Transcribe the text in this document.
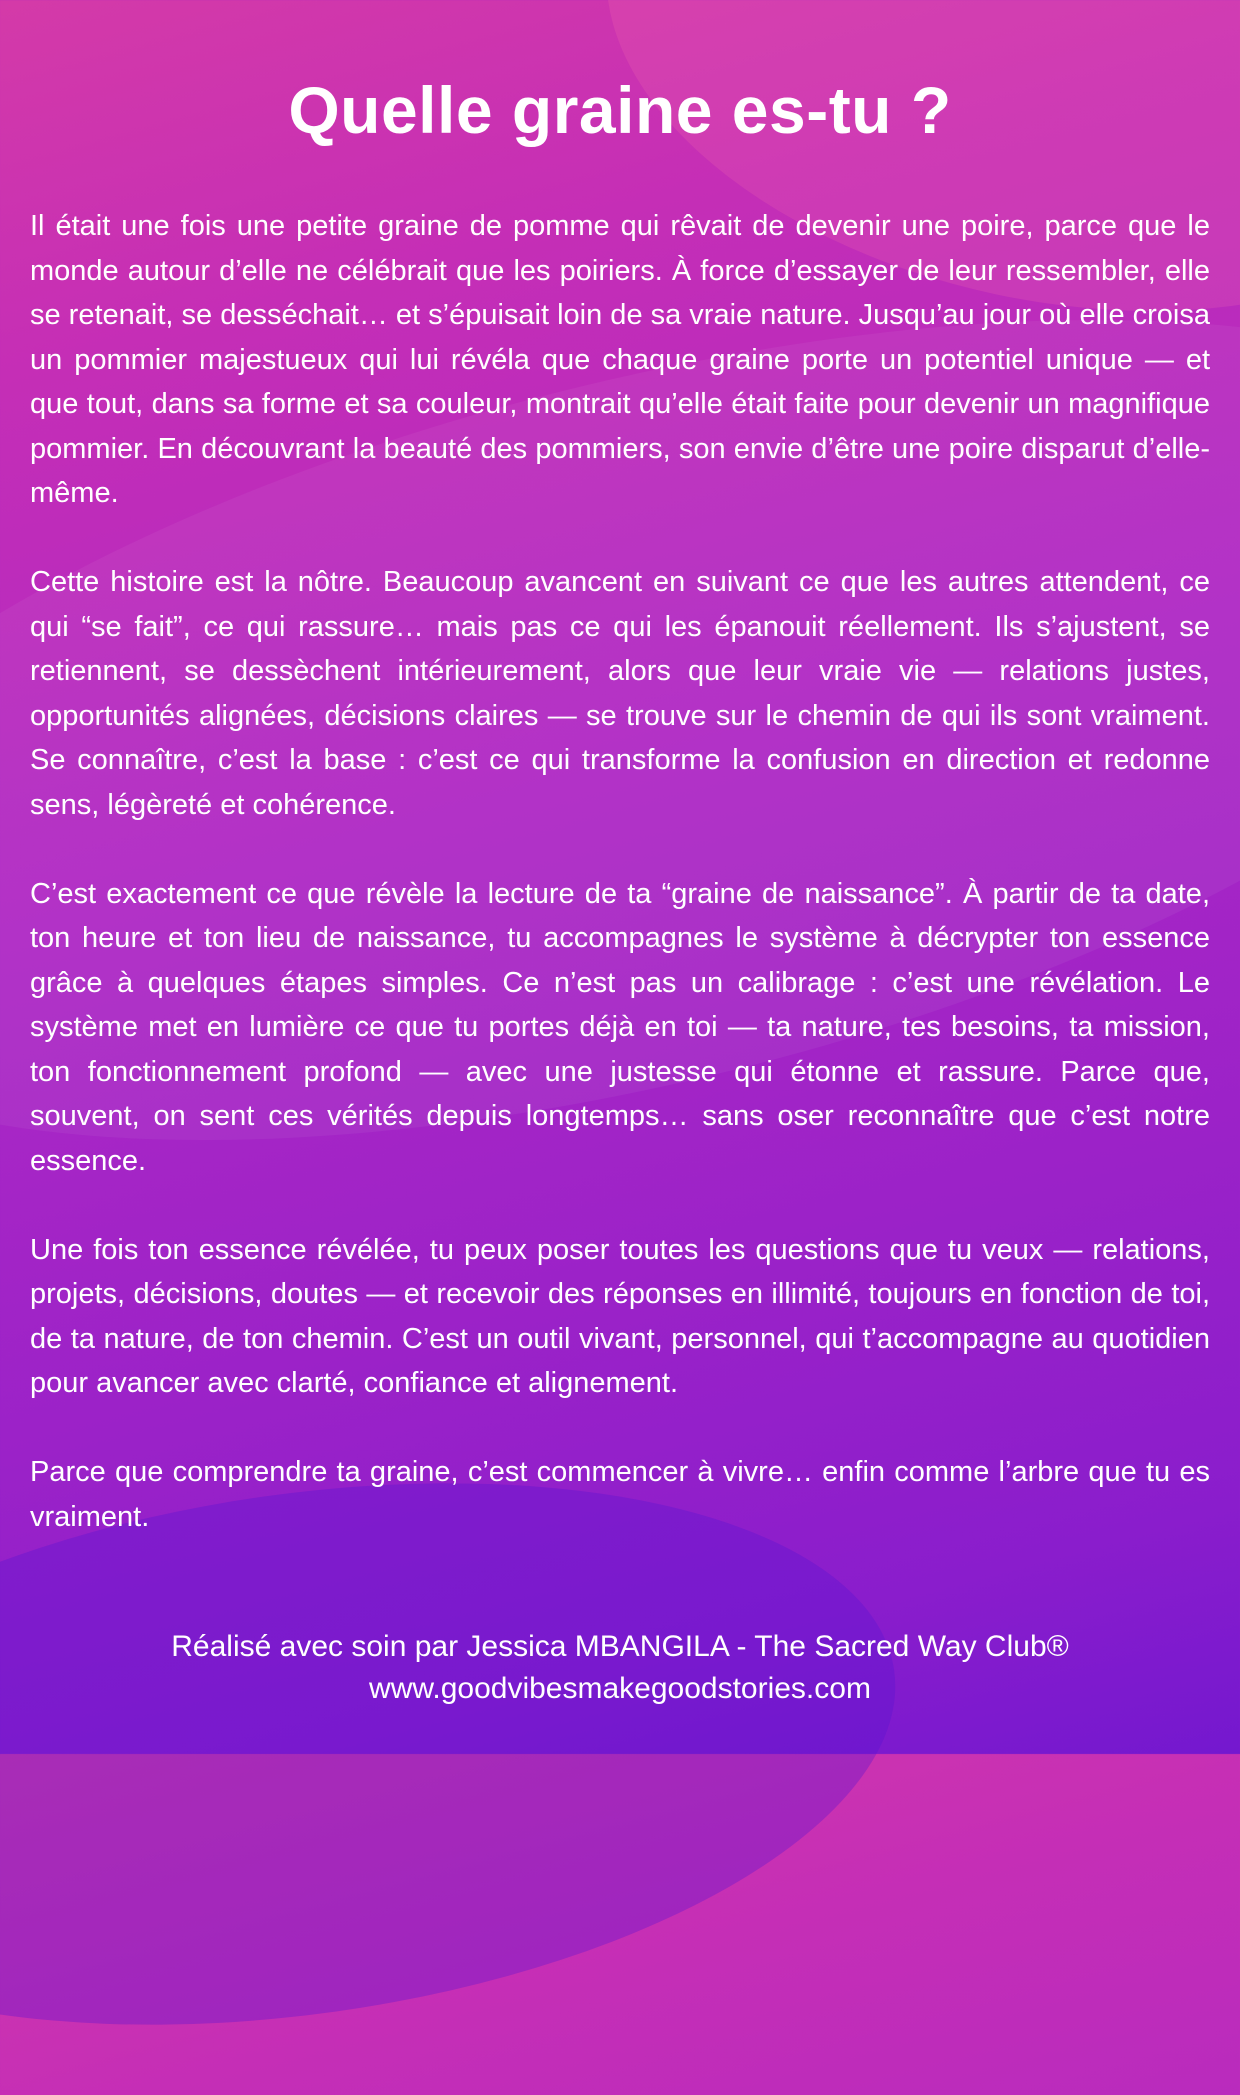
Quelle graine es-tu ?

Il était une fois une petite graine de pomme qui rêvait de devenir une poire, parce que le monde autour d’elle ne célébrait que les poiriers. À force d’essayer de leur ressembler, elle se retenait, se desséchait… et s’épuisait loin de sa vraie nature. Jusqu’au jour où elle croisa un pommier majestueux qui lui révéla que chaque graine porte un potentiel unique — et que tout, dans sa forme et sa couleur, montrait qu’elle était faite pour devenir un magnifique pommier. En découvrant la beauté des pommiers, son envie d’être une poire disparut d’elle-même.

Cette histoire est la nôtre. Beaucoup avancent en suivant ce que les autres attendent, ce qui “se fait”, ce qui rassure… mais pas ce qui les épanouit réellement. Ils s’ajustent, se retiennent, se dessèchent intérieurement, alors que leur vraie vie — relations justes, opportunités alignées, décisions claires — se trouve sur le chemin de qui ils sont vraiment. Se connaître, c’est la base : c’est ce qui transforme la confusion en direction et redonne sens, légèreté et cohérence.

C’est exactement ce que révèle la lecture de ta “graine de naissance”. À partir de ta date, ton heure et ton lieu de naissance, tu accompagnes le système à décrypter ton essence grâce à quelques étapes simples. Ce n’est pas un calibrage : c’est une révélation. Le système met en lumière ce que tu portes déjà en toi — ta nature, tes besoins, ta mission, ton fonctionnement profond — avec une justesse qui étonne et rassure. Parce que, souvent, on sent ces vérités depuis longtemps… sans oser reconnaître que c’est notre essence.

Une fois ton essence révélée, tu peux poser toutes les questions que tu veux — relations, projets, décisions, doutes — et recevoir des réponses en illimité, toujours en fonction de toi, de ta nature, de ton chemin. C’est un outil vivant, personnel, qui t’accompagne au quotidien pour avancer avec clarté, confiance et alignement.

Parce que comprendre ta graine, c’est commencer à vivre… enfin comme l’arbre que tu es vraiment.

Réalisé avec soin par Jessica MBANGILA - The Sacred Way Club®
www.goodvibesmakegoodstories.com
